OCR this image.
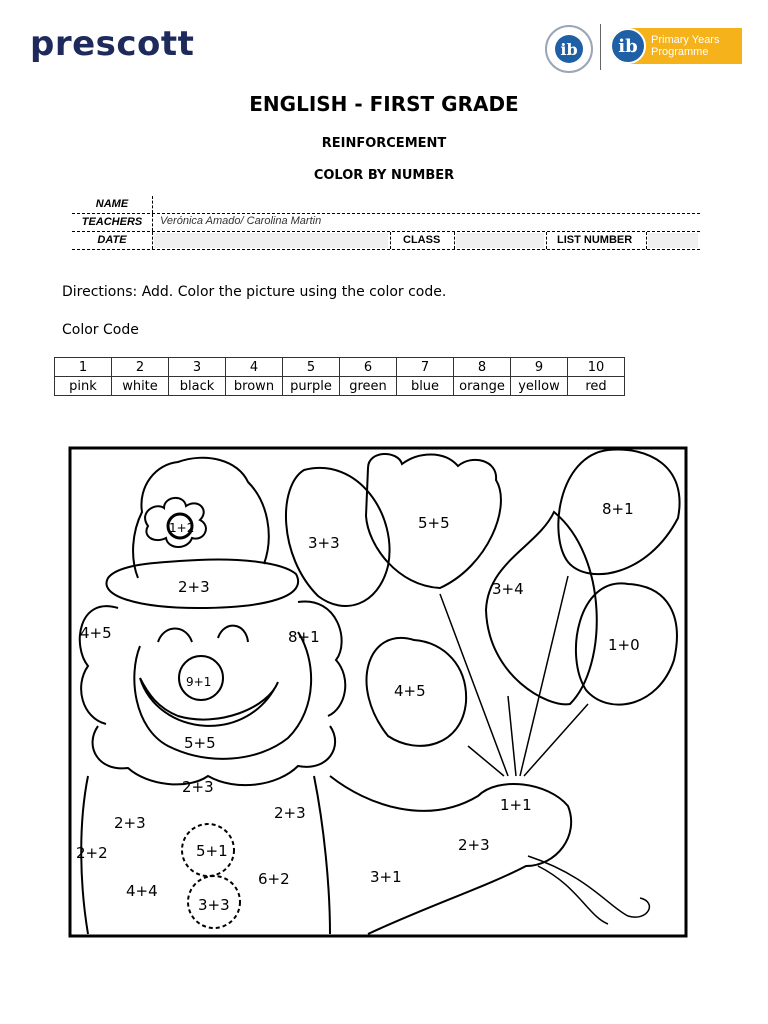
prescott	ib	ib	Primary Years
Programme
ENGLISH - FIRST GRADE
REINFORCEMENT
COLOR BY NUMBER
NAME
TEACHERS	Verónica Amado/ Carolina Martin
DATE	CLASS	LIST NUMBER
Directions: Add. Color the picture using the color code.
Color Code
1	2	3	4	5	6	7	8	9	10
pink	white	black	brown	purple	green	blue	orange	yellow	red
1+2
3+3
5+5
8+1
2+3	3+4
4+5	8+1	1+0
9+1	4+5
5+5
2+3
1+1
2+3
2+3
2+3
2+2	5+1
6+2	3+1
4+4
3+3
